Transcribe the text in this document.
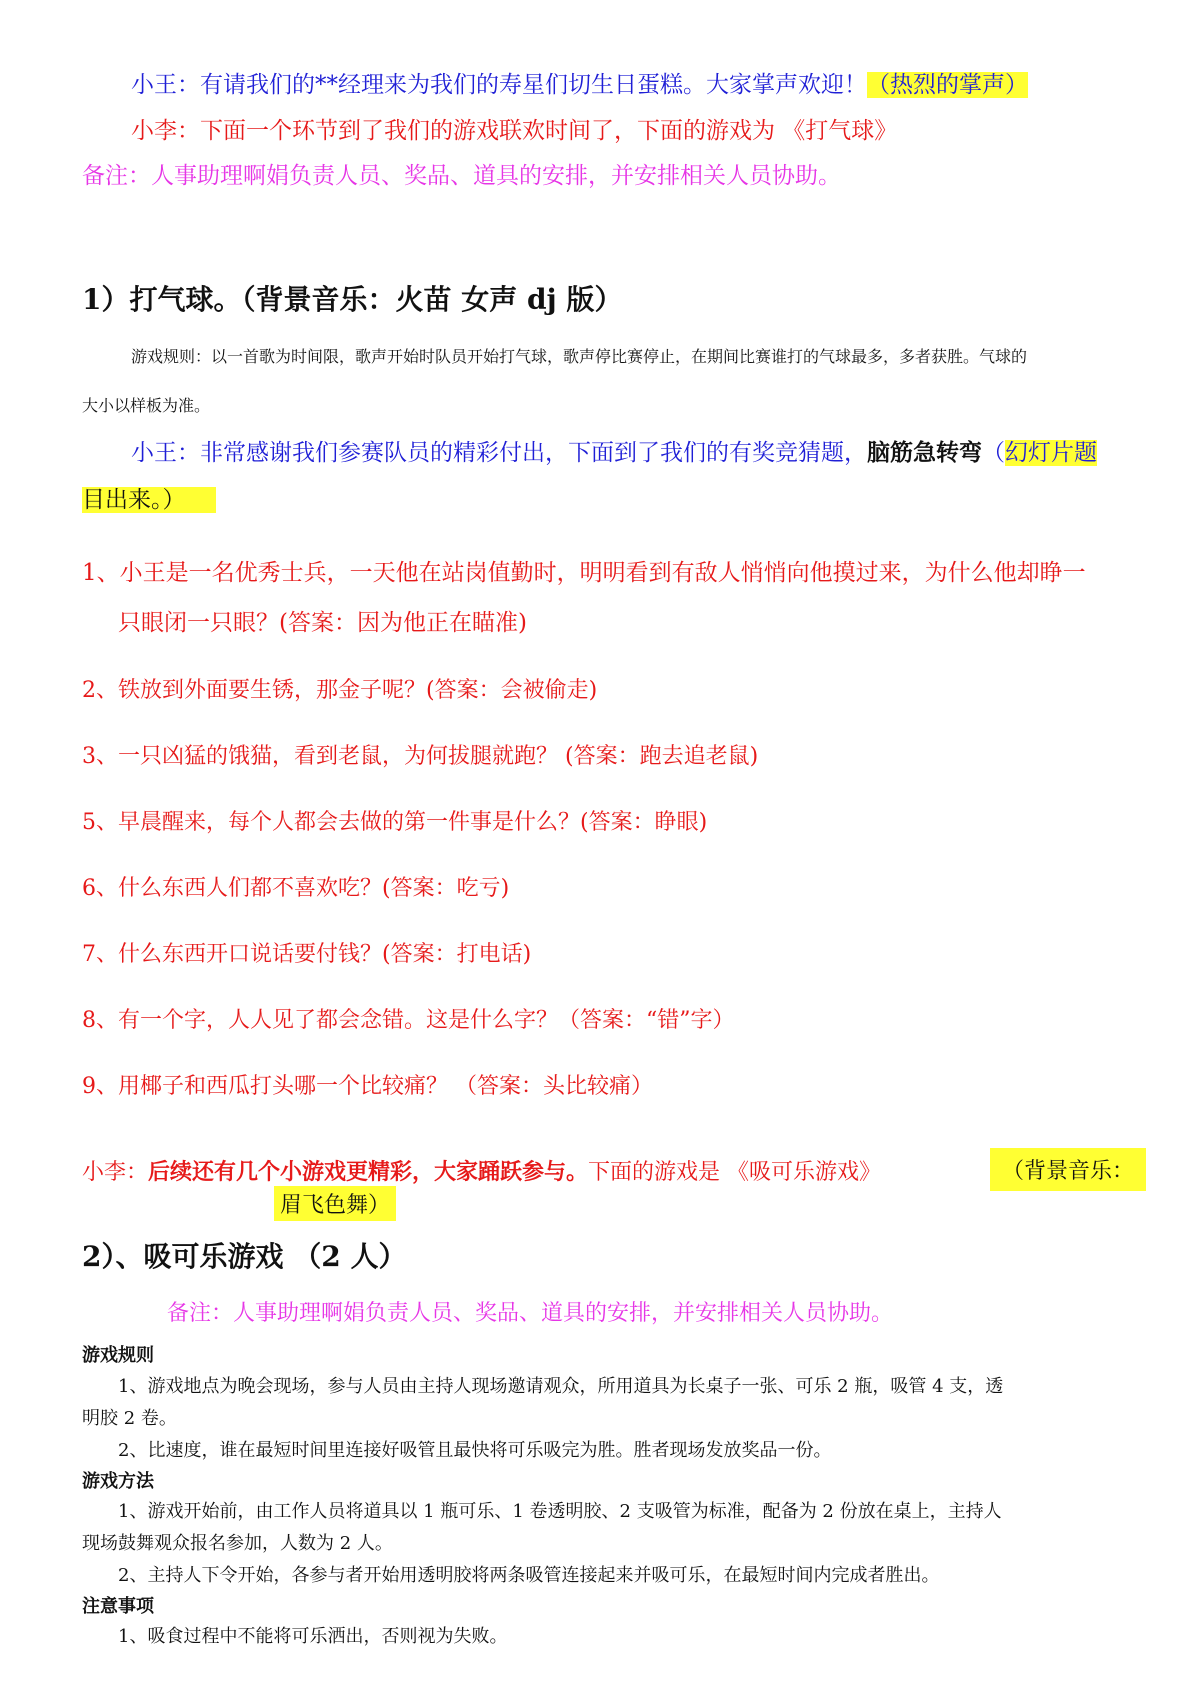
小王：有请我们的**经理来为我们的寿星们切生日蛋糕。大家掌声欢迎！（热烈的掌声）
小李：下面一个环节到了我们的游戏联欢时间了，下面的游戏为 《打气球》
备注：人事助理啊娟负责人员、奖品、道具的安排，并安排相关人员协助。
1）打气球。（背景音乐：火苗 女声 dj 版）
游戏规则：以一首歌为时间限，歌声开始时队员开始打气球，歌声停比赛停止，在期间比赛谁打的气球最多，多者获胜。气球的
大小以样板为准。
小王：非常感谢我们参赛队员的精彩付出，下面到了我们的有奖竞猜题，脑筋急转弯（幻灯片题
目出来。）
1、小王是一名优秀士兵，一天他在站岗值勤时，明明看到有敌人悄悄向他摸过来，为什么他却睁一
只眼闭一只眼？(答案：因为他正在瞄准)
2、铁放到外面要生锈，那金子呢？(答案：会被偷走)
3、一只凶猛的饿猫，看到老鼠，为何拔腿就跑？ (答案：跑去追老鼠)
5、早晨醒来，每个人都会去做的第一件事是什么？(答案：睁眼)
6、什么东西人们都不喜欢吃？(答案：吃亏)
7、什么东西开口说话要付钱？(答案：打电话)
8、有一个字，人人见了都会念错。这是什么字？（答案：“错”字）
9、用椰子和西瓜打头哪一个比较痛？ （答案：头比较痛）
小李：后续还有几个小游戏更精彩，大家踊跃参与。下面的游戏是 《吸可乐游戏》	（背景音乐：
眉飞色舞）
2）、吸可乐游戏 （2 人）
备注：人事助理啊娟负责人员、奖品、道具的安排，并安排相关人员协助。
游戏规则
1、游戏地点为晚会现场，参与人员由主持人现场邀请观众，所用道具为长桌子一张、可乐 2 瓶，吸管 4 支，透
明胶 2 卷。
2、比速度，谁在最短时间里连接好吸管且最快将可乐吸完为胜。胜者现场发放奖品一份。
游戏方法
1、游戏开始前，由工作人员将道具以 1 瓶可乐、1 卷透明胶、2 支吸管为标准，配备为 2 份放在桌上，主持人
现场鼓舞观众报名参加，人数为 2 人。
2、主持人下令开始，各参与者开始用透明胶将两条吸管连接起来并吸可乐，在最短时间内完成者胜出。
注意事项
1、吸食过程中不能将可乐洒出，否则视为失败。
